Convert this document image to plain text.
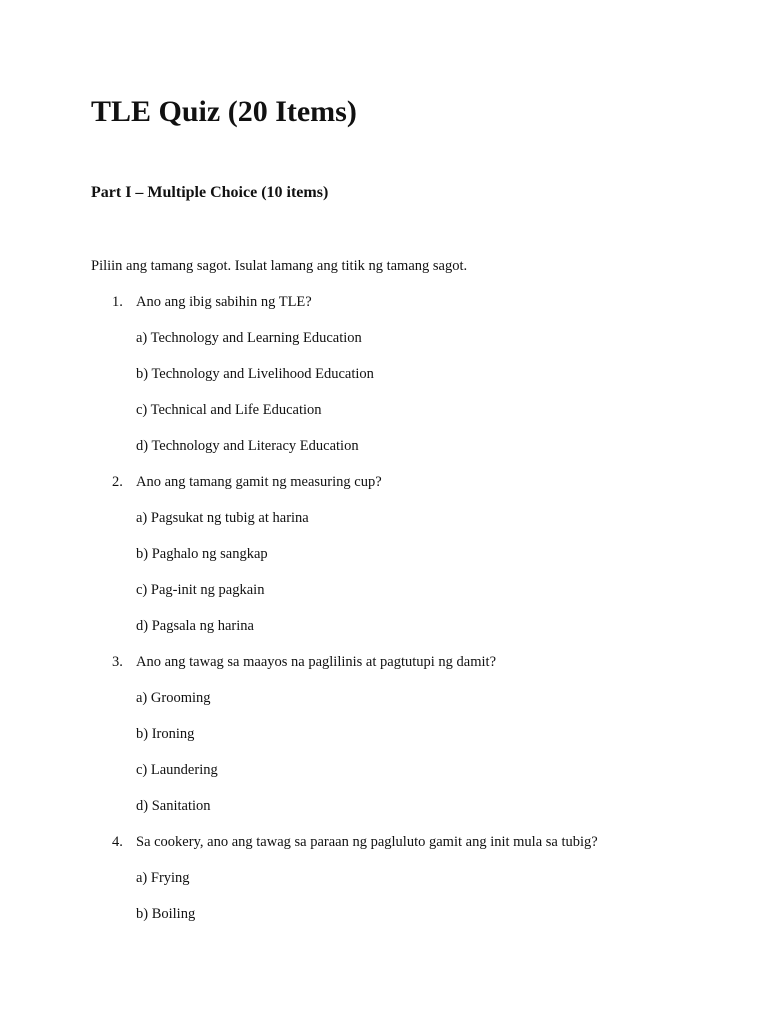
TLE Quiz (20 Items)
Part I – Multiple Choice (10 items)

Piliin ang tamang sagot. Isulat lamang ang titik ng tamang sagot.

1. Ano ang ibig sabihin ng TLE?
a) Technology and Learning Education
b) Technology and Livelihood Education
c) Technical and Life Education
d) Technology and Literacy Education
2. Ano ang tamang gamit ng measuring cup?
a) Pagsukat ng tubig at harina
b) Paghalo ng sangkap
c) Pag-init ng pagkain
d) Pagsala ng harina
3. Ano ang tawag sa maayos na paglilinis at pagtutupi ng damit?
a) Grooming
b) Ironing
c) Laundering
d) Sanitation
4. Sa cookery, ano ang tawag sa paraan ng pagluluto gamit ang init mula sa tubig?
a) Frying
b) Boiling
